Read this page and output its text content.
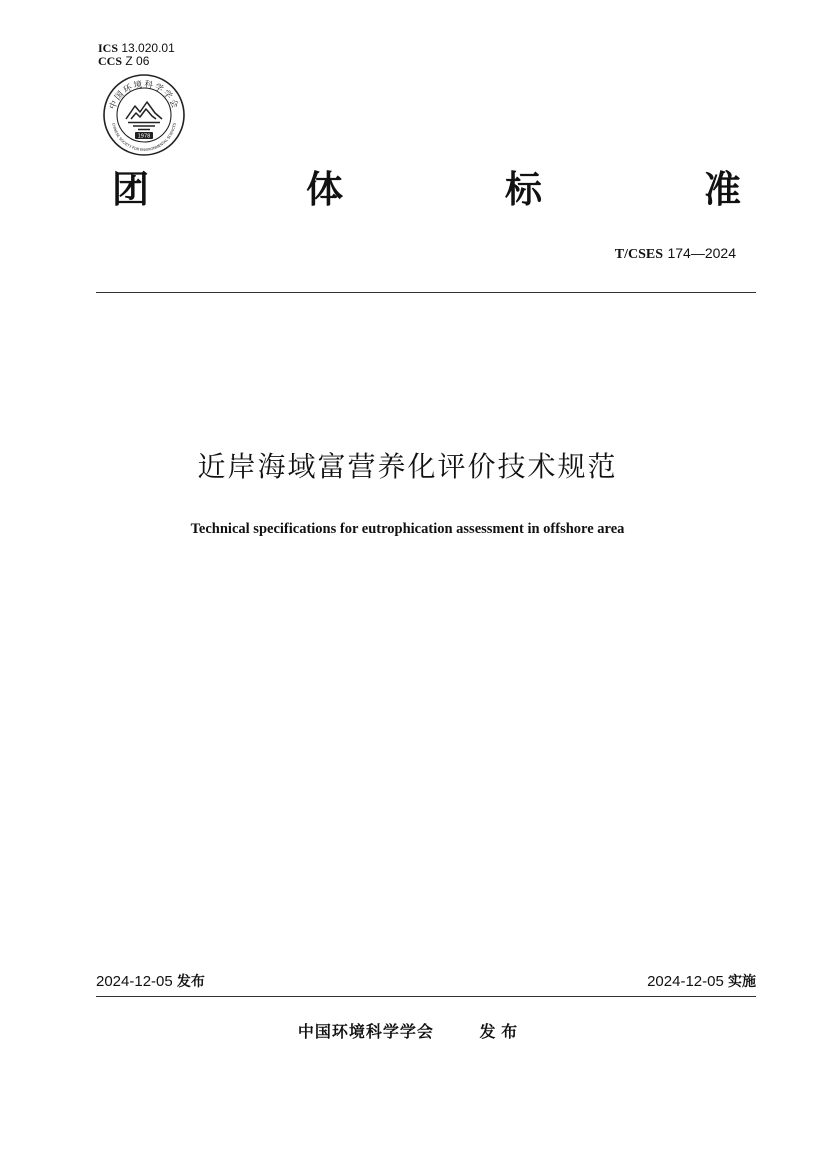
ICS 13.020.01
CCS Z 06
中国环境科学学会
CHINESE SOCIETY FOR ENVIRONMENTAL SCIENCES
1978
团	体	标	准
T/CSES 174—2024
近岸海域富营养化评价技术规范
Technical specifications for eutrophication assessment in offshore area
2024-12-05 发布	2024-12-05 实施
中国环境科学学会	发 布
